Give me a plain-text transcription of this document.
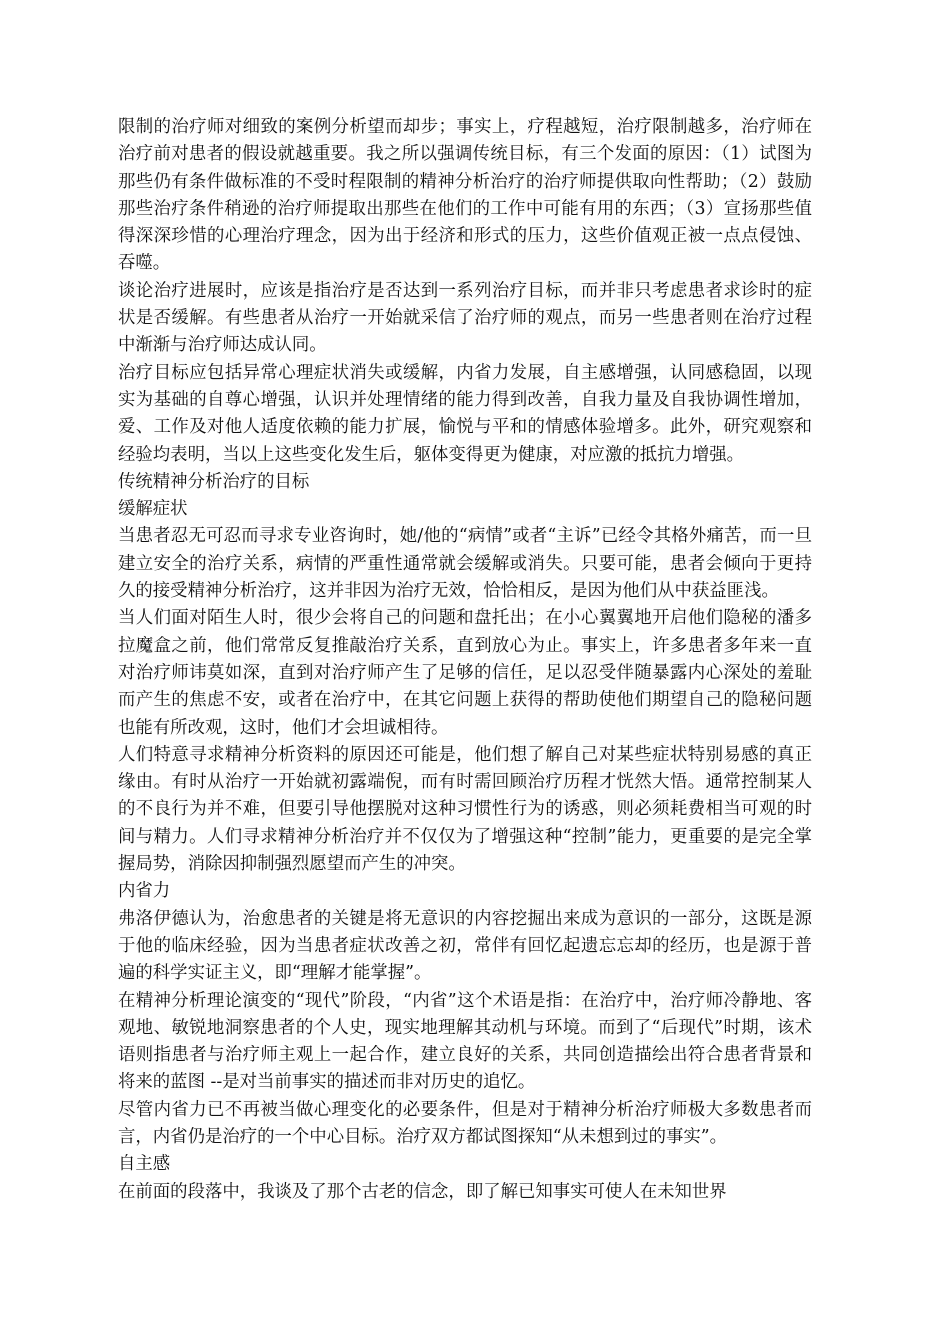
限制的治疗师对细致的案例分析望而却步；事实上，疗程越短，治疗限制越多，治疗师在治疗前对患者的假设就越重要。我之所以强调传统目标，有三个发面的原因：（1）试图为那些仍有条件做标准的不受时程限制的精神分析治疗的治疗师提供取向性帮助；（2）鼓励那些治疗条件稍逊的治疗师提取出那些在他们的工作中可能有用的东西；（3）宣扬那些值得深深珍惜的心理治疗理念，因为出于经济和形式的压力，这些价值观正被一点点侵蚀、吞噬。

谈论治疗进展时，应该是指治疗是否达到一系列治疗目标，而并非只考虑患者求诊时的症状是否缓解。有些患者从治疗一开始就采信了治疗师的观点，而另一些患者则在治疗过程中渐渐与治疗师达成认同。

治疗目标应包括异常心理症状消失或缓解，内省力发展，自主感增强，认同感稳固，以现实为基础的自尊心增强，认识并处理情绪的能力得到改善，自我力量及自我协调性增加，爱、工作及对他人适度依赖的能力扩展，愉悦与平和的情感体验增多。此外，研究观察和经验均表明，当以上这些变化发生后，躯体变得更为健康，对应激的抵抗力增强。

传统精神分析治疗的目标
缓解症状

当患者忍无可忍而寻求专业咨询时，她/他的“病情”或者“主诉”已经令其格外痛苦，而一旦建立安全的治疗关系，病情的严重性通常就会缓解或消失。只要可能，患者会倾向于更持久的接受精神分析治疗，这并非因为治疗无效，恰恰相反，是因为他们从中获益匪浅。

当人们面对陌生人时，很少会将自己的问题和盘托出；在小心翼翼地开启他们隐秘的潘多拉魔盒之前，他们常常反复推敲治疗关系，直到放心为止。事实上，许多患者多年来一直对治疗师讳莫如深，直到对治疗师产生了足够的信任，足以忍受伴随暴露内心深处的羞耻而产生的焦虑不安，或者在治疗中，在其它问题上获得的帮助使他们期望自己的隐秘问题也能有所改观，这时，他们才会坦诚相待。

人们特意寻求精神分析资料的原因还可能是，他们想了解自己对某些症状特别易感的真正缘由。有时从治疗一开始就初露端倪，而有时需回顾治疗历程才恍然大悟。通常控制某人的不良行为并不难，但要引导他摆脱对这种习惯性行为的诱惑，则必须耗费相当可观的时间与精力。人们寻求精神分析治疗并不仅仅为了增强这种“控制”能力，更重要的是完全掌握局势，消除因抑制强烈愿望而产生的冲突。

内省力

弗洛伊德认为，治愈患者的关键是将无意识的内容挖掘出来成为意识的一部分，这既是源于他的临床经验，因为当患者症状改善之初，常伴有回忆起遗忘忘却的经历，也是源于普遍的科学实证主义，即“理解才能掌握”。

在精神分析理论演变的“现代”阶段，“内省”这个术语是指：在治疗中，治疗师冷静地、客观地、敏锐地洞察患者的个人史，现实地理解其动机与环境。而到了“后现代”时期，该术语则指患者与治疗师主观上一起合作，建立良好的关系，共同创造描绘出符合患者背景和将来的蓝图 --是对当前事实的描述而非对历史的追忆。

尽管内省力已不再被当做心理变化的必要条件，但是对于精神分析治疗师极大多数患者而言，内省仍是治疗的一个中心目标。治疗双方都试图探知“从未想到过的事实”。

自主感

在前面的段落中，我谈及了那个古老的信念，即了解已知事实可使人在未知世界
